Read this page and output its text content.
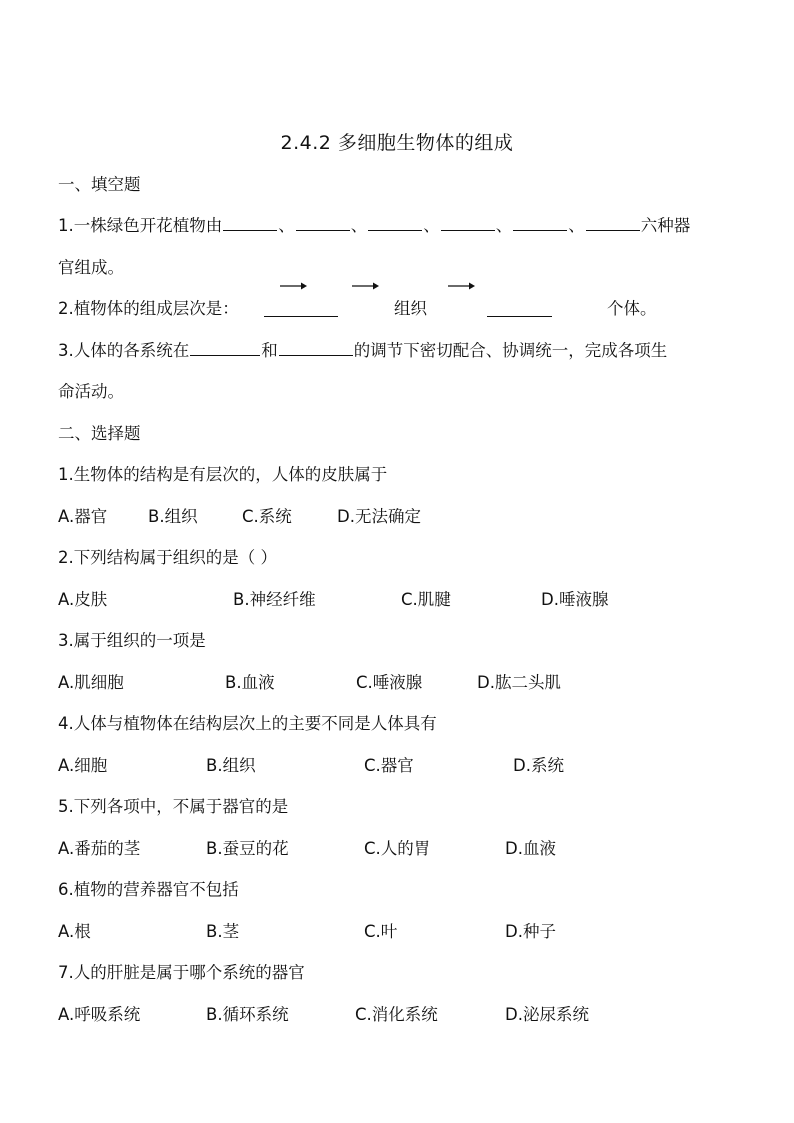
2.4.2 多细胞生物体的组成
一、填空题
1.一株绿色开花植物由	、	、	、	、	、	六种器
官组成。
2.植物体的组成层次是：	组织	个体。
3.人体的各系统在	和	的调节下密切配合、协调统一，完成各项生
命活动。
二、选择题
1.生物体的结构是有层次的，人体的皮肤属于
A.器官 B.组织	C.系统	D.无法确定
2.下列结构属于组织的是（ ）
A.皮肤	B.神经纤维	C.肌腱	D.唾液腺
3.属于组织的一项是
A.肌细胞	B.血液	C.唾液腺	D.肱二头肌
4.人体与植物体在结构层次上的主要不同是人体具有
A.细胞	B.组织	C.器官	D.系统
5.下列各项中，不属于器官的是
A.番茄的茎	B.蚕豆的花	C.人的胃	D.血液
6.植物的营养器官不包括
A.根	B.茎	C.叶	D.种子
7.人的肝脏是属于哪个系统的器官
A.呼吸系统	B.循环系统	C.消化系统	D.泌尿系统
